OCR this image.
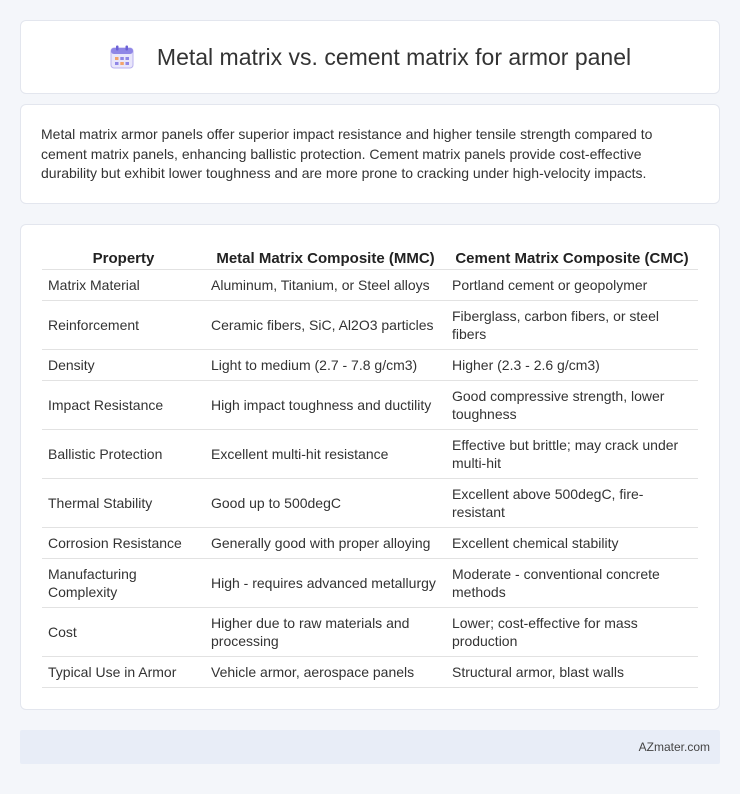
Metal matrix vs. cement matrix for armor panel

Metal matrix armor panels offer superior impact resistance and higher tensile strength compared to cement matrix panels, enhancing ballistic protection. Cement matrix panels provide cost-effective durability but exhibit lower toughness and are more prone to cracking under high-velocity impacts.

Property	Metal Matrix Composite (MMC)	Cement Matrix Composite (CMC)
Matrix Material	Aluminum, Titanium, or Steel alloys	Portland cement or geopolymer
Reinforcement	Ceramic fibers, SiC, Al2O3 particles	Fiberglass, carbon fibers, or steel fibers
Density	Light to medium (2.7 - 7.8 g/cm3)	Higher (2.3 - 2.6 g/cm3)
Impact Resistance	High impact toughness and ductility	Good compressive strength, lower toughness
Ballistic Protection	Excellent multi-hit resistance	Effective but brittle; may crack under multi-hit
Thermal Stability	Good up to 500degC	Excellent above 500degC, fire-resistant
Corrosion Resistance	Generally good with proper alloying	Excellent chemical stability
Manufacturing Complexity	High - requires advanced metallurgy	Moderate - conventional concrete methods
Cost	Higher due to raw materials and processing	Lower; cost-effective for mass production
Typical Use in Armor	Vehicle armor, aerospace panels	Structural armor, blast walls
AZmater.com
